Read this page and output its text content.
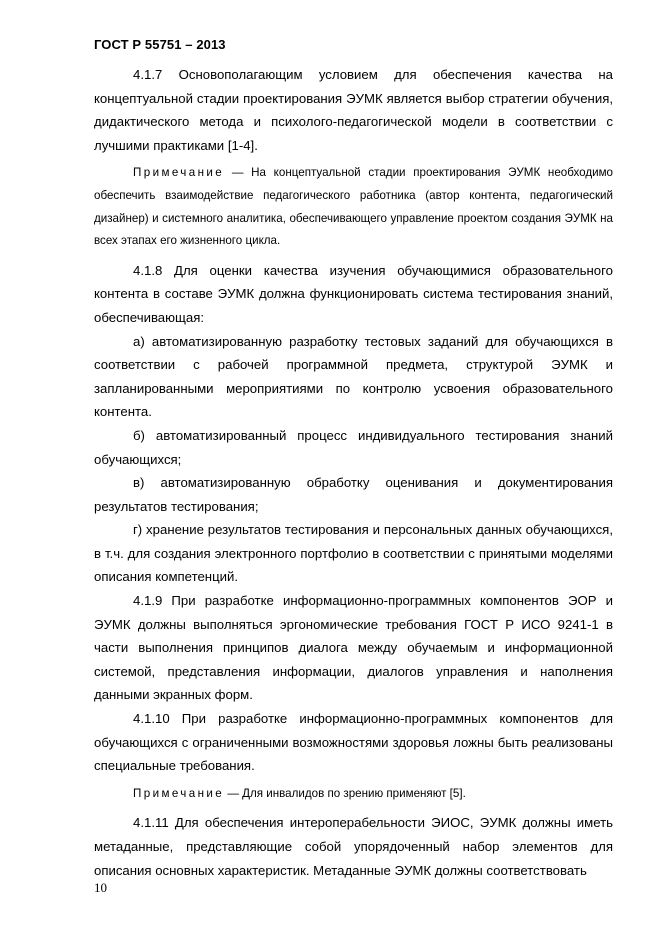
ГОСТ Р 55751 – 2013

4.1.7 Основополагающим условием для обеспечения качества на концептуальной стадии проектирования ЭУМК является выбор стратегии обучения, дидактического метода и психолого-педагогической модели в соответствии с лучшими практиками [1-4].

Примечание — На концептуальной стадии проектирования ЭУМК необходимо обеспечить взаимодействие педагогического работника (автор контента, педагогический дизайнер) и системного аналитика, обеспечивающего управление проектом создания ЭУМК на всех этапах его жизненного цикла.

4.1.8 Для оценки качества изучения обучающимися образовательного контента в составе ЭУМК должна функционировать система тестирования знаний, обеспечивающая:

а) автоматизированную разработку тестовых заданий для обучающихся в соответствии с рабочей программной предмета, структурой ЭУМК и запланированными мероприятиями по контролю усвоения образовательного контента.

б) автоматизированный процесс индивидуального тестирования знаний обучающихся;

в) автоматизированную обработку оценивания и документирования результатов тестирования;

г) хранение результатов тестирования и персональных данных обучающихся, в т.ч. для создания электронного портфолио в соответствии с принятыми моделями описания компетенций.

4.1.9 При разработке информационно-программных компонентов ЭОР и ЭУМК должны выполняться эргономические требования ГОСТ Р ИСО 9241-1 в части выполнения принципов диалога между обучаемым и информационной системой, представления информации, диалогов управления и наполнения данными экранных форм.

4.1.10 При разработке информационно-программных компонентов для обучающихся с ограниченными возможностями здоровья ложны быть реализованы специальные требования.

Примечание — Для инвалидов по зрению применяют [5].

4.1.11 Для обеспечения интероперабельности ЭИОС, ЭУМК должны иметь метаданные, представляющие собой упорядоченный набор элементов для описания основных характеристик. Метаданные ЭУМК должны соответствовать

10
